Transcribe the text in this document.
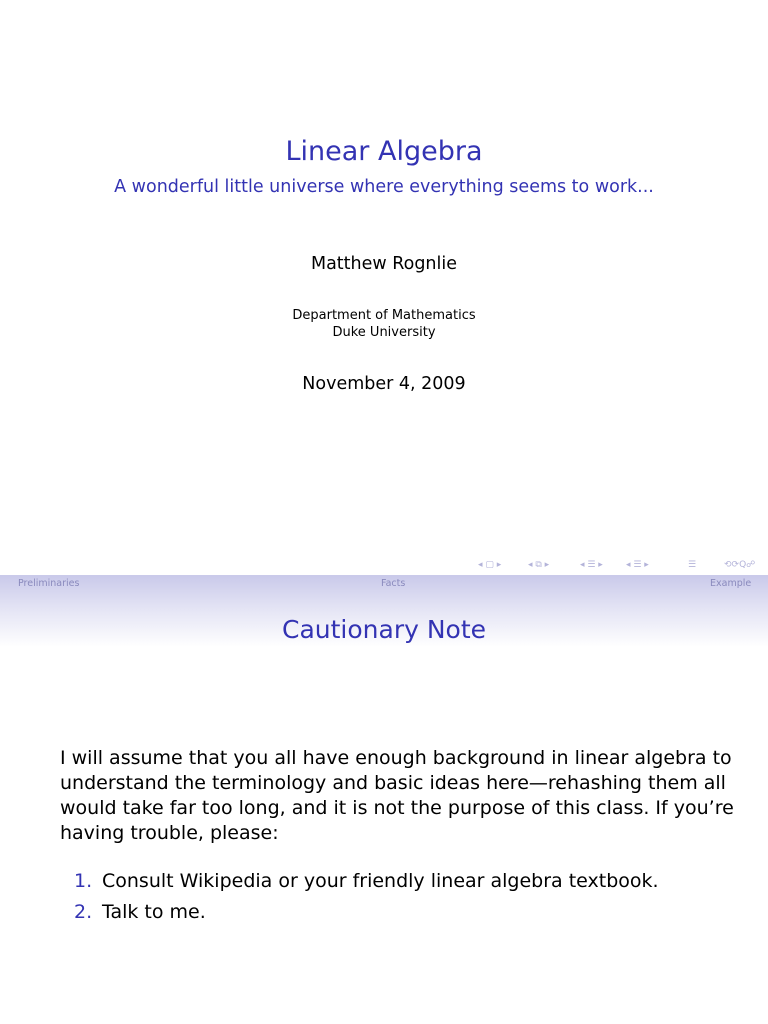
Linear Algebra
A wonderful little universe where everything seems to work...
Matthew Rognlie
Department of Mathematics
Duke University
November 4, 2009
◂ ▢ ▸	◂ ⧉ ▸	◂ ☰ ▸	◂ ☰ ▸	☰	⟲⟳Q☍
Preliminaries	Facts	Example
Cautionary Note
I will assume that you all have enough background in linear algebra to understand the terminology and basic ideas here—rehashing them all would take far too long, and it is not the purpose of this class. If you’re having trouble, please:
1. Consult Wikipedia or your friendly linear algebra textbook.
2. Talk to me.
